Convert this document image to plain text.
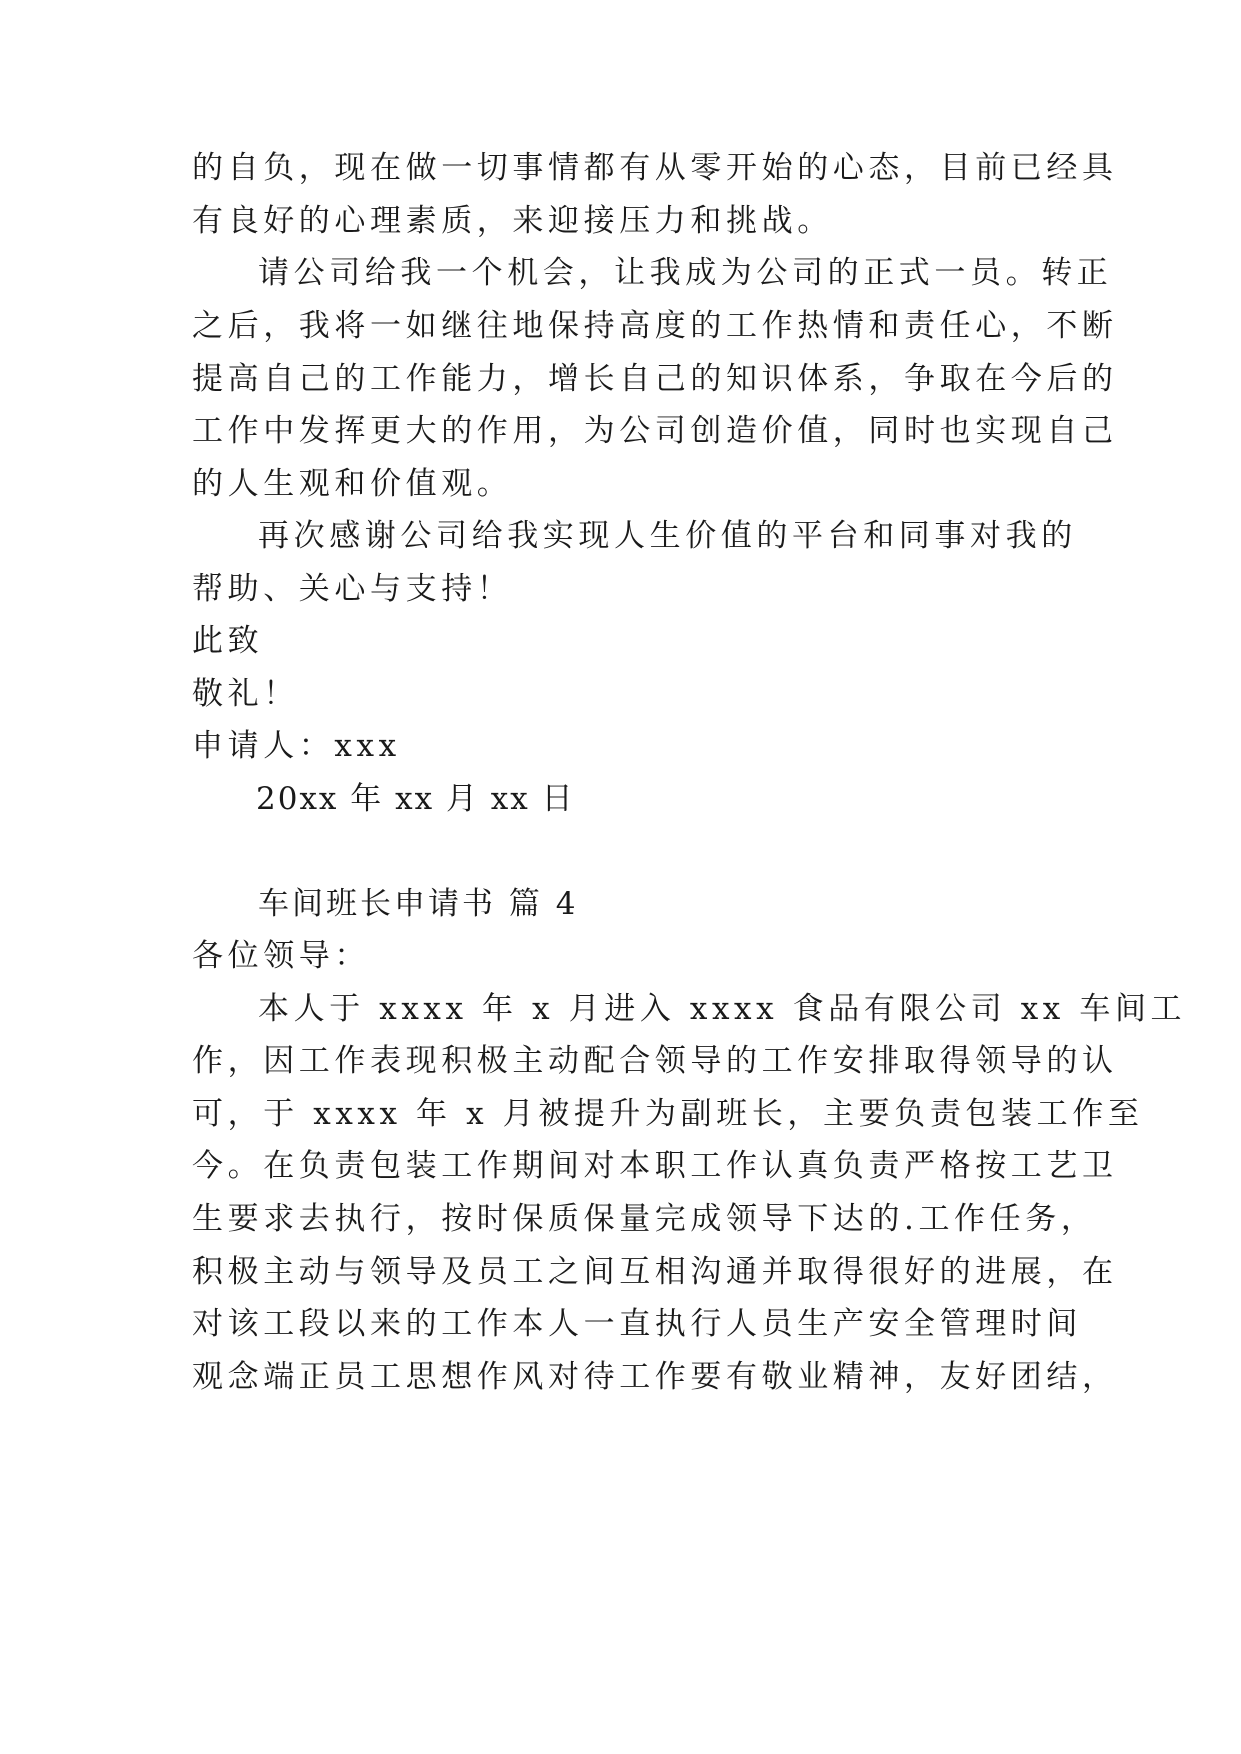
的自负，现在做一切事情都有从零开始的心态，目前已经具
有良好的心理素质，来迎接压力和挑战。
请公司给我一个机会，让我成为公司的正式一员。转正
之后，我将一如继往地保持高度的工作热情和责任心，不断
提高自己的工作能力，增长自己的知识体系，争取在今后的
工作中发挥更大的作用，为公司创造价值，同时也实现自己
的人生观和价值观。
再次感谢公司给我实现人生价值的平台和同事对我的
帮助、关心与支持！
此致
敬礼！
申请人：xxx
20xx 年 xx 月 xx 日
车间班长申请书 篇 4
各位领导：
本人于 xxxx 年 x 月进入 xxxx 食品有限公司 xx 车间工
作，因工作表现积极主动配合领导的工作安排取得领导的认
可，于 xxxx 年 x 月被提升为副班长，主要负责包装工作至
今。在负责包装工作期间对本职工作认真负责严格按工艺卫
生要求去执行，按时保质保量完成领导下达的.工作任务，
积极主动与领导及员工之间互相沟通并取得很好的进展，在
对该工段以来的工作本人一直执行人员生产安全管理时间
观念端正员工思想作风对待工作要有敬业精神，友好团结，
